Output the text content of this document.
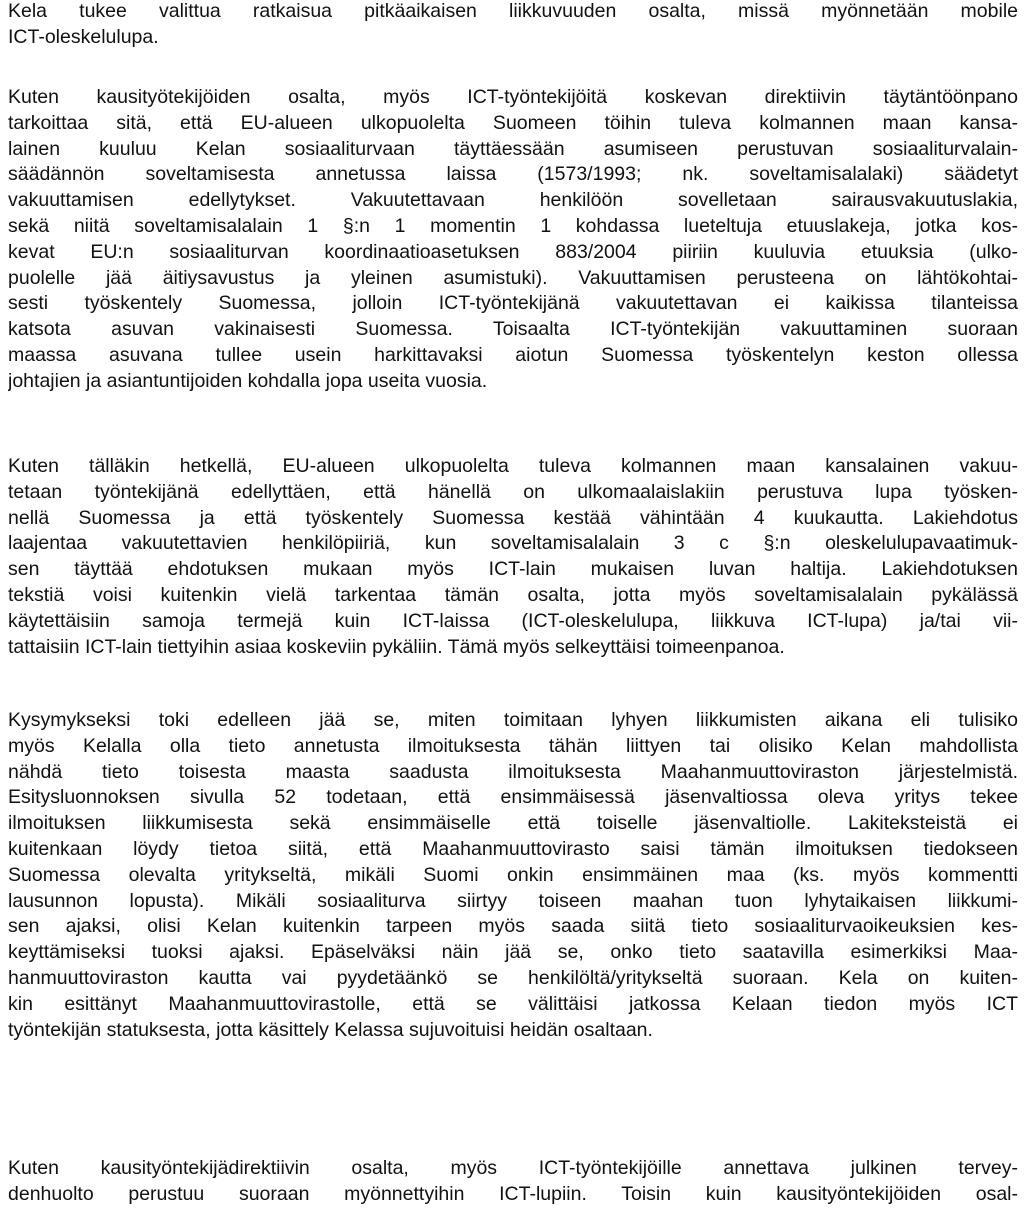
Kela tukee valittua ratkaisua pitkäaikaisen liikkuvuuden osalta, missä myönnetään mobile
ICT-oleskelulupa.

Kuten kausityötekijöiden osalta, myös ICT-työntekijöitä koskevan direktiivin täytäntöönpano
tarkoittaa sitä, että EU-alueen ulkopuolelta Suomeen töihin tuleva kolmannen maan kansa-
lainen kuuluu Kelan sosiaaliturvaan täyttäessään asumiseen perustuvan sosiaaliturvalain-
säädännön soveltamisesta annetussa laissa (1573/1993; nk. soveltamisalalaki) säädetyt
vakuuttamisen edellytykset. Vakuutettavaan henkilöön sovelletaan sairausvakuutuslakia,
sekä niitä soveltamisalalain 1 §:n 1 momentin 1 kohdassa lueteltuja etuuslakeja, jotka kos-
kevat EU:n sosiaaliturvan koordinaatioasetuksen 883/2004 piiriin kuuluvia etuuksia (ulko-
puolelle jää äitiysavustus ja yleinen asumistuki). Vakuuttamisen perusteena on lähtökohtai-
sesti työskentely Suomessa, jolloin ICT-työntekijänä vakuutettavan ei kaikissa tilanteissa
katsota asuvan vakinaisesti Suomessa. Toisaalta ICT-työntekijän vakuuttaminen suoraan
maassa asuvana tullee usein harkittavaksi aiotun Suomessa työskentelyn keston ollessa
johtajien ja asiantuntijoiden kohdalla jopa useita vuosia.

Kuten tälläkin hetkellä, EU-alueen ulkopuolelta tuleva kolmannen maan kansalainen vakuu-
tetaan työntekijänä edellyttäen, että hänellä on ulkomaalaislakiin perustuva lupa työsken-
nellä Suomessa ja että työskentely Suomessa kestää vähintään 4 kuukautta. Lakiehdotus
laajentaa vakuutettavien henkilöpiiriä, kun soveltamisalalain 3 c §:n oleskelulupavaatimuk-
sen täyttää ehdotuksen mukaan myös ICT-lain mukaisen luvan haltija. Lakiehdotuksen
tekstiä voisi kuitenkin vielä tarkentaa tämän osalta, jotta myös soveltamisalalain pykälässä
käytettäisiin samoja termejä kuin ICT-laissa (ICT-oleskelulupa, liikkuva ICT-lupa) ja/tai vii-
tattaisiin ICT-lain tiettyihin asiaa koskeviin pykäliin. Tämä myös selkeyttäisi toimeenpanoa.

Kysymykseksi toki edelleen jää se, miten toimitaan lyhyen liikkumisten aikana eli tulisiko
myös Kelalla olla tieto annetusta ilmoituksesta tähän liittyen tai olisiko Kelan mahdollista
nähdä tieto toisesta maasta saadusta ilmoituksesta Maahanmuuttoviraston järjestelmistä.
Esitysluonnoksen sivulla 52 todetaan, että ensimmäisessä jäsenvaltiossa oleva yritys tekee
ilmoituksen liikkumisesta sekä ensimmäiselle että toiselle jäsenvaltiolle. Lakiteksteistä ei
kuitenkaan löydy tietoa siitä, että Maahanmuuttovirasto saisi tämän ilmoituksen tiedokseen
Suomessa olevalta yritykseltä, mikäli Suomi onkin ensimmäinen maa (ks. myös kommentti
lausunnon lopusta). Mikäli sosiaaliturva siirtyy toiseen maahan tuon lyhytaikaisen liikkumi-
sen ajaksi, olisi Kelan kuitenkin tarpeen myös saada siitä tieto sosiaaliturvaoikeuksien kes-
keyttämiseksi tuoksi ajaksi. Epäselväksi näin jää se, onko tieto saatavilla esimerkiksi Maa-
hanmuuttoviraston kautta vai pyydetäänkö se henkilöltä/yritykseltä suoraan. Kela on kuiten-
kin esittänyt Maahanmuuttovirastolle, että se välittäisi jatkossa Kelaan tiedon myös ICT
työntekijän statuksesta, jotta käsittely Kelassa sujuvoituisi heidän osaltaan.

Kuten kausityöntekijädirektiivin osalta, myös ICT-työntekijöille annettava julkinen tervey-
denhuolto perustuu suoraan myönnettyihin ICT-lupiin. Toisin kuin kausityöntekijöiden osal-
